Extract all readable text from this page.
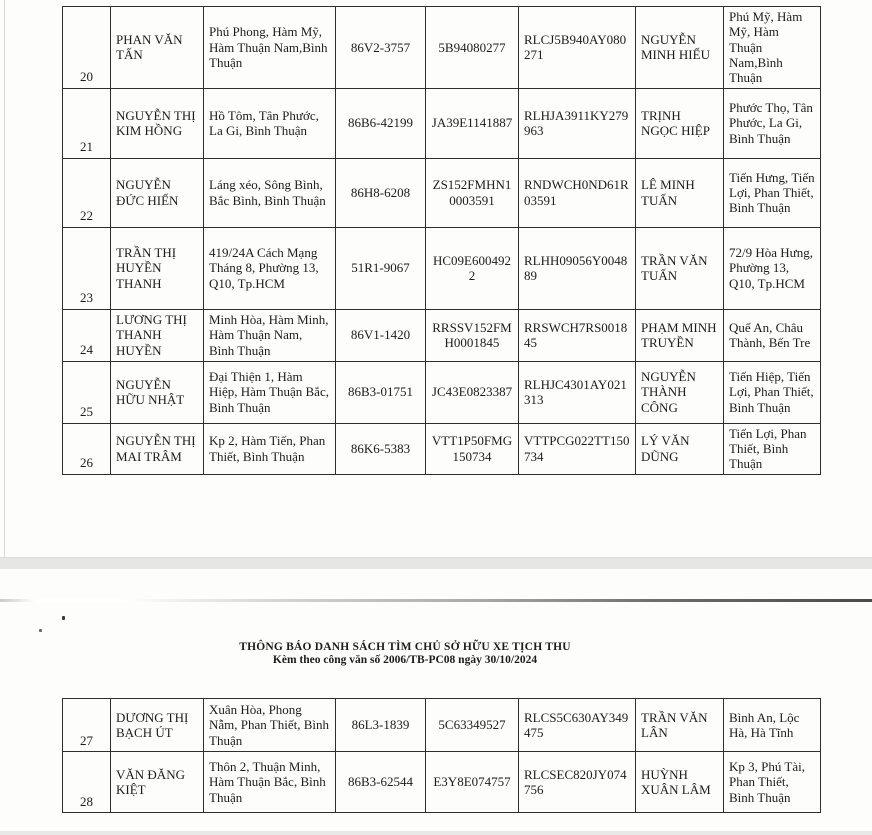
20	PHAN VĂN TẤN	Phú Phong, Hàm Mỹ, Hàm Thuận Nam,Bình Thuận	86V2-3757	5B94080277	RLCJ5B940AY080271	NGUYỄN MINH HIẾU	Phú Mỹ, Hàm Mỹ, Hàm Thuận Nam,Bình Thuận
21	NGUYỄN THỊ KIM HỒNG	Hồ Tôm, Tân Phước, La Gi, Bình Thuận	86B6-42199	JA39E1141887	RLHJA3911KY279963	TRỊNH NGỌC HIỆP	Phước Thọ, Tân Phước, La Gi, Bình Thuận
22	NGUYỄN ĐỨC HIẾN	Láng xéo, Sông Bình, Bắc Bình, Bình Thuận	86H8-6208	ZS152FMHN10003591	RNDWCH0ND61R03591	LÊ MINH TUẤN	Tiến Hưng, Tiến Lợi, Phan Thiết, Bình Thuận
23	TRẦN THỊ HUYỀN THANH	419/24A Cách Mạng Tháng 8, Phường 13, Q10, Tp.HCM	51R1-9067	HC09E6004922	RLHH09056Y004889	TRẦN VĂN TUẤN	72/9 Hòa Hưng, Phường 13, Q10, Tp.HCM
24	LƯƠNG THỊ THANH HUYỀN	Minh Hòa, Hàm Minh, Hàm Thuận Nam, Bình Thuận	86V1-1420	RRSSV152FMH0001845	RRSWCH7RS001845	PHẠM MINH TRUYỀN	Quế An, Châu Thành, Bến Tre
25	NGUYỄN HỮU NHẬT	Đại Thiện 1, Hàm Hiệp, Hàm Thuận Bắc, Bình Thuận	86B3-01751	JC43E0823387	RLHJC4301AY021313	NGUYỄN THÀNH CÔNG	Tiến Hiệp, Tiến Lợi, Phan Thiết, Bình Thuận
26	NGUYỄN THỊ MAI TRÂM	Kp 2, Hàm Tiến, Phan Thiết, Bình Thuận	86K6-5383	VTT1P50FMG150734	VTTPCG022TT150734	LÝ VĂN DŨNG	Tiến Lợi, Phan Thiết, Bình Thuận

THÔNG BÁO DANH SÁCH TÌM CHỦ SỞ HỮU XE TỊCH THU

Kèm theo công văn số 2006/TB-PC08 ngày 30/10/2024

27	DƯƠNG THỊ BẠCH ÚT	Xuân Hòa, Phong Nẫm, Phan Thiết, Bình Thuận	86L3-1839	5C63349527	RLCS5C630AY349475	TRẦN VĂN LÂN	Bình An, Lộc Hà, Hà Tĩnh
28	VĂN ĐĂNG KIỆT	Thôn 2, Thuận Minh, Hàm Thuận Bắc, Bình Thuận	86B3-62544	E3Y8E074757	RLCSEC820JY074756	HUỲNH XUÂN LÂM	Kp 3, Phú Tài, Phan Thiết, Bình Thuận
